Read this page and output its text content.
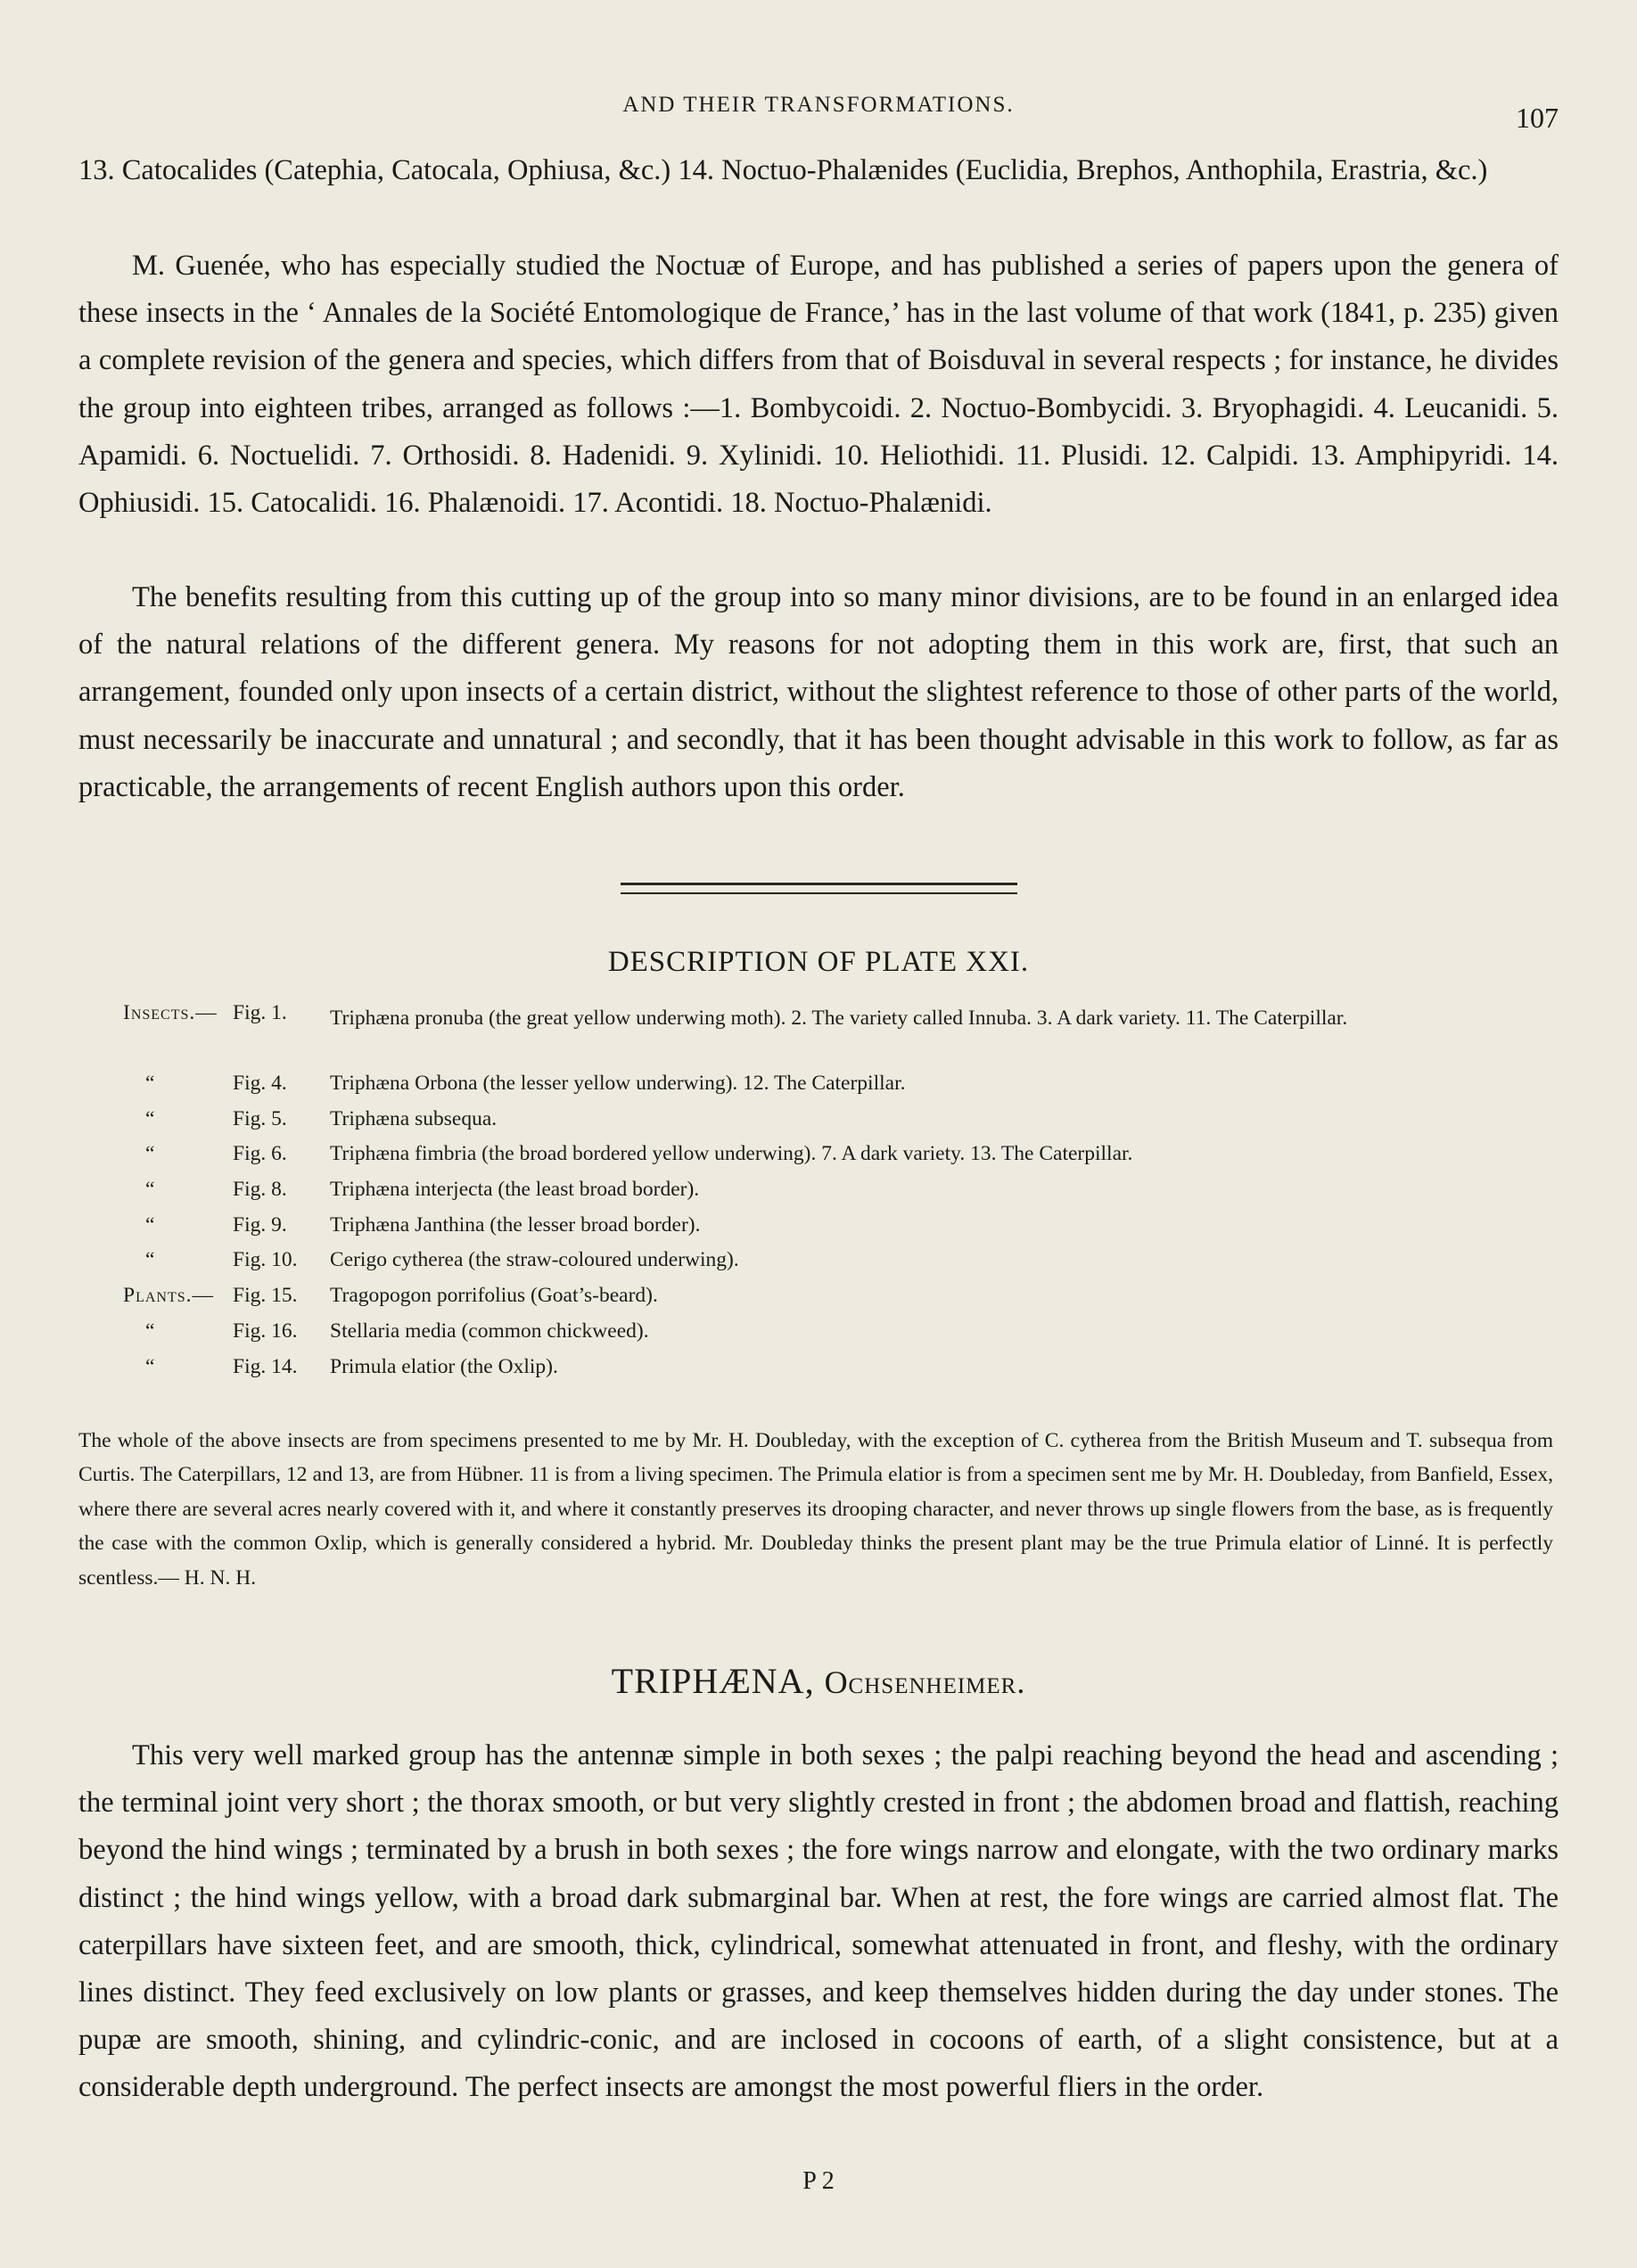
AND THEIR TRANSFORMATIONS.	107

13. Catocalides (Catephia, Catocala, Ophiusa, &c.) 14. Noctuo-Phalænides (Euclidia, Brephos, Anthophila, Erastria, &c.)

M. Guenée, who has especially studied the Noctuæ of Europe, and has published a series of papers upon the genera of these insects in the ‘ Annales de la Société Entomologique de France,’ has in the last volume of that work (1841, p. 235) given a complete revision of the genera and species, which differs from that of Boisduval in several respects ; for instance, he divides the group into eighteen tribes, arranged as follows :—1. Bombycoidi. 2. Noctuo-Bombycidi. 3. Bryophagidi. 4. Leucanidi. 5. Apamidi. 6. Noctuelidi. 7. Orthosidi. 8. Hadenidi. 9. Xylinidi. 10. Heliothidi. 11. Plusidi. 12. Calpidi. 13. Amphipyridi. 14. Ophiusidi. 15. Catocalidi. 16. Phalænoidi. 17. Acontidi. 18. Noctuo-Phalænidi.

The benefits resulting from this cutting up of the group into so many minor divisions, are to be found in an enlarged idea of the natural relations of the different genera. My reasons for not adopting them in this work are, first, that such an arrangement, founded only upon insects of a certain district, without the slightest reference to those of other parts of the world, must necessarily be inaccurate and unnatural ; and secondly, that it has been thought advisable in this work to follow, as far as practicable, the arrangements of recent English authors upon this order.

DESCRIPTION OF PLATE XXI.
Insects.— Fig. 1. Triphæna pronuba (the great yellow underwing moth). 2. The variety called Innuba. 3. A dark variety. 11. The Caterpillar.
“	Fig. 4. Triphæna Orbona (the lesser yellow underwing). 12. The Caterpillar.
“	Fig. 5. Triphæna subsequa.
“	Fig. 6. Triphæna fimbria (the broad bordered yellow underwing). 7. A dark variety. 13. The Caterpillar.
“	Fig. 8. Triphæna interjecta (the least broad border).
“	Fig. 9. Triphæna Janthina (the lesser broad border).
“	Fig. 10. Cerigo cytherea (the straw-coloured underwing).
Plants.— Fig. 15. Tragopogon porrifolius (Goat’s-beard).
“	Fig. 16. Stellaria media (common chickweed).
“	Fig. 14. Primula elatior (the Oxlip).

The whole of the above insects are from specimens presented to me by Mr. H. Doubleday, with the exception of C. cytherea from the British Museum and T. subsequa from Curtis. The Caterpillars, 12 and 13, are from Hübner. 11 is from a living specimen. The Primula elatior is from a specimen sent me by Mr. H. Doubleday, from Banfield, Essex, where there are several acres nearly covered with it, and where it constantly preserves its drooping character, and never throws up single flowers from the base, as is frequently the case with the common Oxlip, which is generally considered a hybrid. Mr. Doubleday thinks the present plant may be the true Primula elatior of Linné. It is perfectly scentless.— H. N. H.

TRIPHÆNA, Ochsenheimer.

This very well marked group has the antennæ simple in both sexes ; the palpi reaching beyond the head and ascending ; the terminal joint very short ; the thorax smooth, or but very slightly crested in front ; the abdomen broad and flattish, reaching beyond the hind wings ; terminated by a brush in both sexes ; the fore wings narrow and elongate, with the two ordinary marks distinct ; the hind wings yellow, with a broad dark submarginal bar. When at rest, the fore wings are carried almost flat. The caterpillars have sixteen feet, and are smooth, thick, cylindrical, somewhat attenuated in front, and fleshy, with the ordinary lines distinct. They feed exclusively on low plants or grasses, and keep themselves hidden during the day under stones. The pupæ are smooth, shining, and cylindric-conic, and are inclosed in cocoons of earth, of a slight consistence, but at a considerable depth underground. The perfect insects are amongst the most powerful fliers in the order.

P 2
